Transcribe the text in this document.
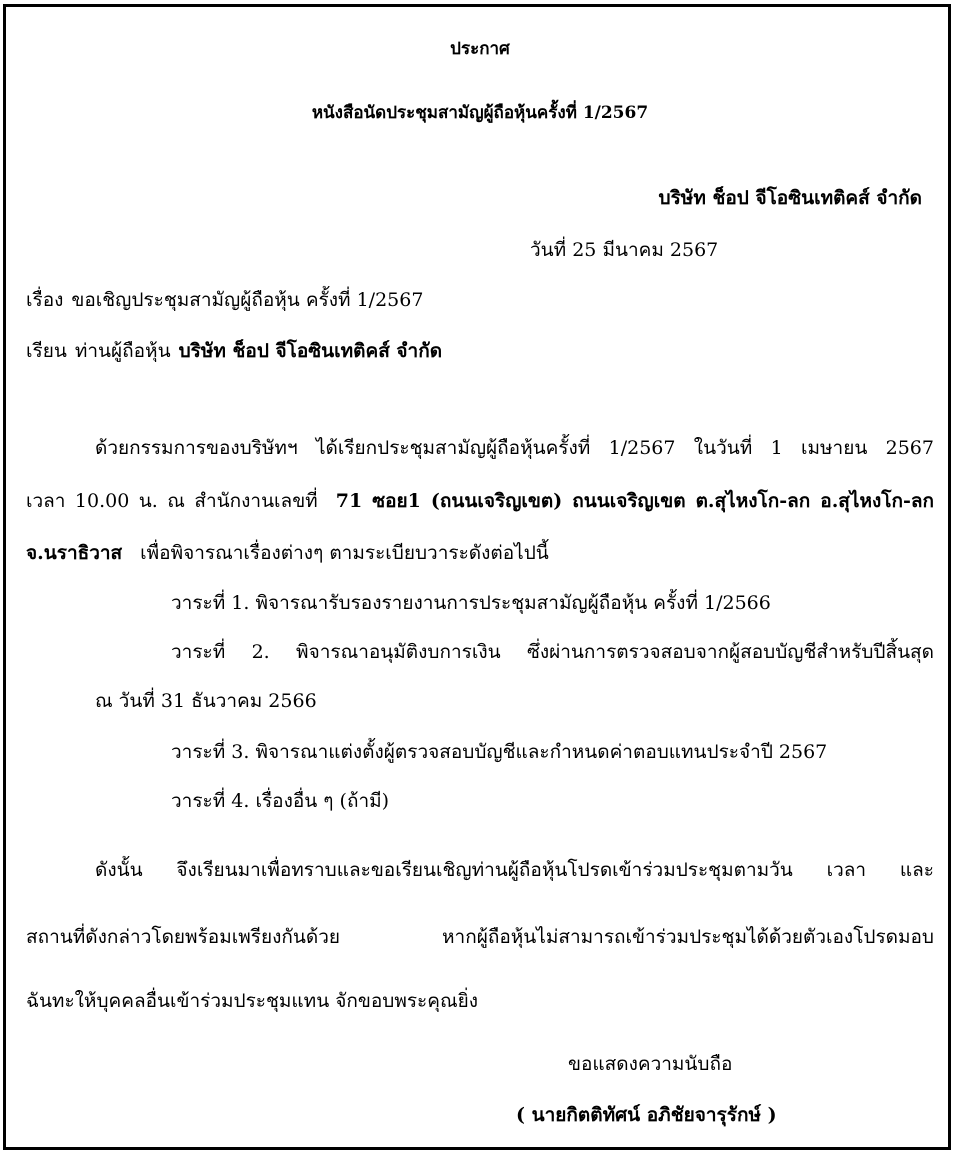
ประกาศ
หนังสือนัดประชุมสามัญผู้ถือหุ้นครั้งที่ 1/2567
บริษัท ช็อป จีโอซินเทติคส์ จำกัด
วันที่ 25 มีนาคม 2567
เรื่อง ขอเชิญประชุมสามัญผู้ถือหุ้น ครั้งที่ 1/2567
เรียน ท่านผู้ถือหุ้น บริษัท ช็อป จีโอซินเทติคส์ จำกัด
ด้วยกรรมการของบริษัทฯ ได้เรียกประชุมสามัญผู้ถือหุ้นครั้งที่ 1/2567 ในวันที่ 1 เมษายน 2567
เวลา 10.00 น. ณ สำนักงานเลขที่ 71 ซอย1 (ถนนเจริญเขต) ถนนเจริญเขต ต.สุไหงโก-ลก อ.สุไหงโก-ลก
จ.นราธิวาส เพื่อพิจารณาเรื่องต่างๆ ตามระเบียบวาระดังต่อไปนี้
วาระที่ 1. พิจารณารับรองรายงานการประชุมสามัญผู้ถือหุ้น ครั้งที่ 1/2566
วาระที่ 2. พิจารณาอนุมัติงบการเงิน ซึ่งผ่านการตรวจสอบจากผู้สอบบัญชีสำหรับปีสิ้นสุด
ณ วันที่ 31 ธันวาคม 2566
วาระที่ 3. พิจารณาแต่งตั้งผู้ตรวจสอบบัญชีและกำหนดค่าตอบแทนประจำปี 2567
วาระที่ 4. เรื่องอื่น ๆ (ถ้ามี)
ดังนั้น จึงเรียนมาเพื่อทราบและขอเรียนเชิญท่านผู้ถือหุ้นโปรดเข้าร่วมประชุมตามวัน เวลา และ
สถานที่ดังกล่าวโดยพร้อมเพรียงกันด้วย หากผู้ถือหุ้นไม่สามารถเข้าร่วมประชุมได้ด้วยตัวเองโปรดมอบ
ฉันทะให้บุคคลอื่นเข้าร่วมประชุมแทน จักขอบพระคุณยิ่ง
ขอแสดงความนับถือ
( นายกิตติทัศน์ อภิชัยจารุรักษ์ )
